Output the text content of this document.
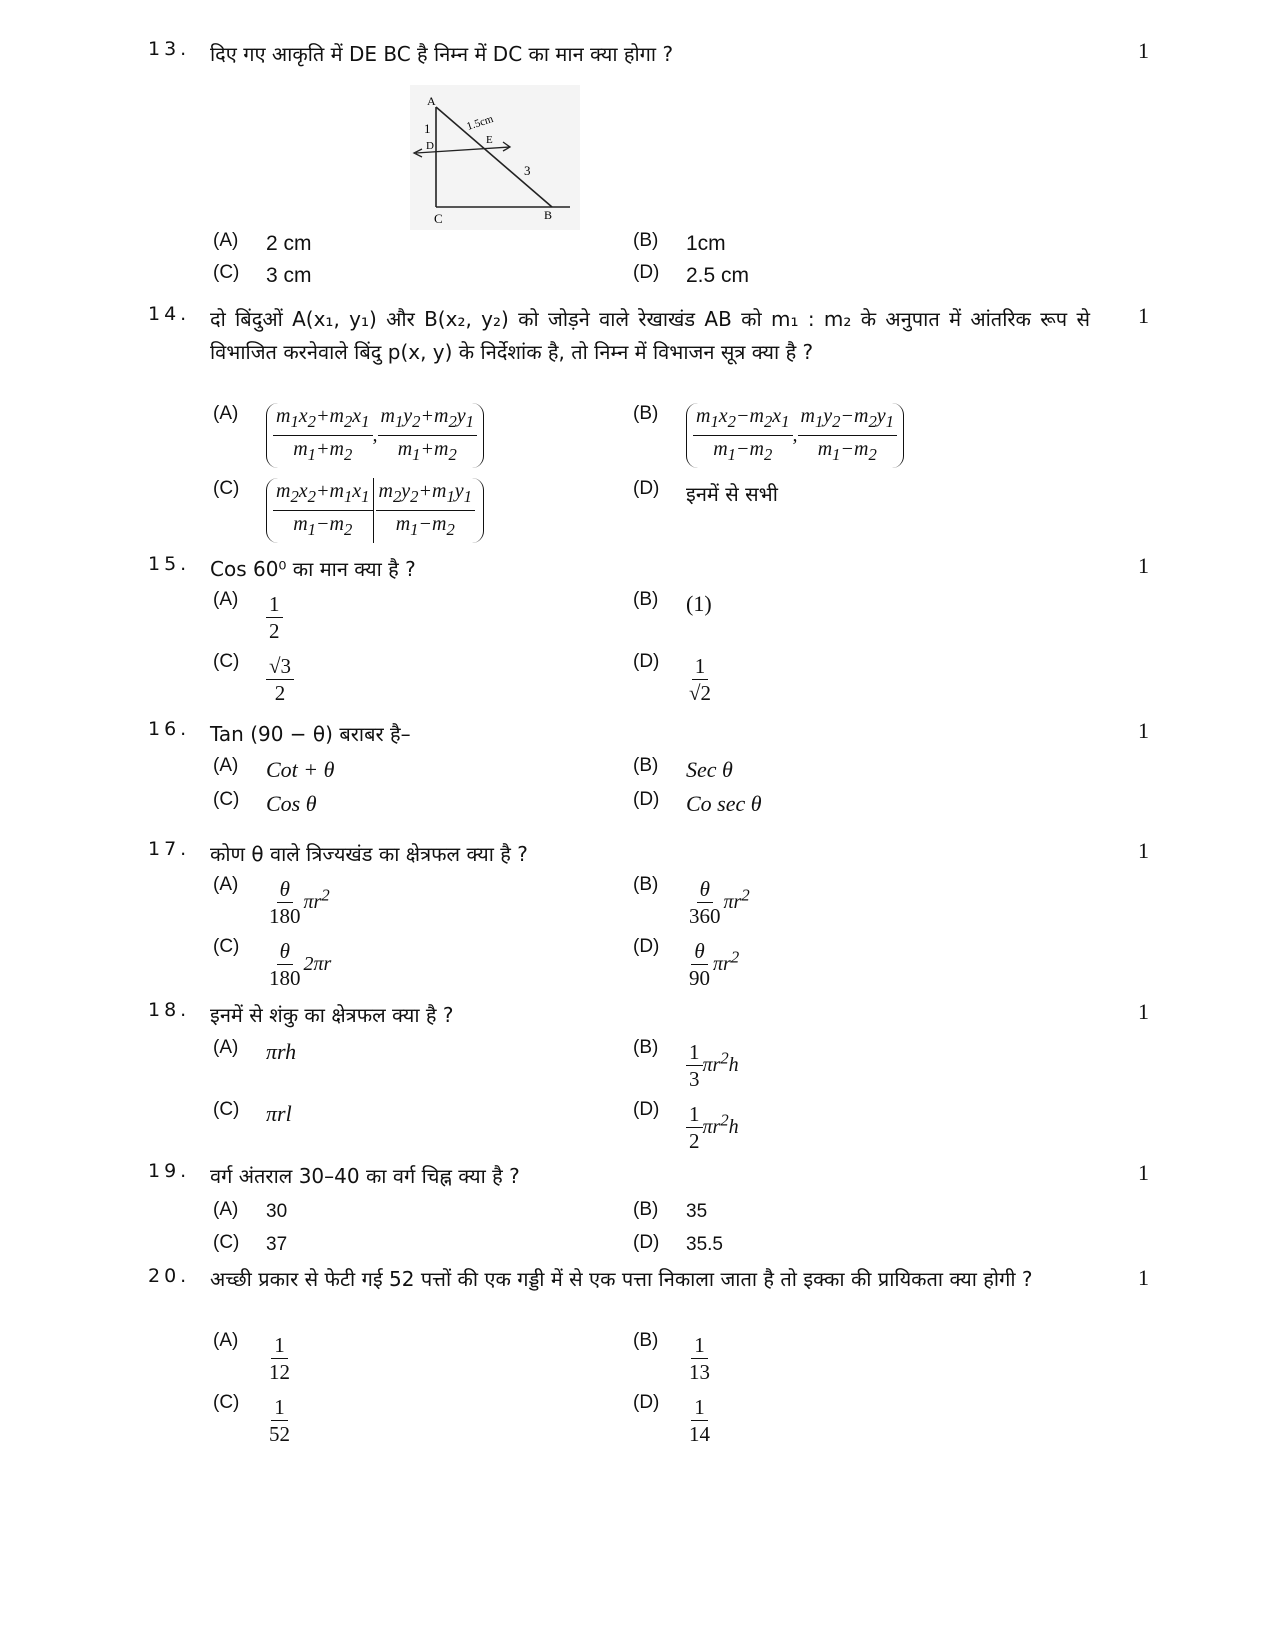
13. दिए गए आकृति में DE BC है निम्न में DC का मान क्या होगा ?	1
(A) 2 cm	(B) 1cm
(C) 3 cm	(D) 2.5 cm
A
1	1.5cm
E
D
3
C	B
14. दो बिंदुओं A(x₁, y₁) और B(x₂, y₂) को जोड़ने वाले रेखाखंड AB को m₁ : m₂ के अनुपात में आंतरिक रूप से विभाजित करनेवाले बिंदु p(x, y) के निर्देशांक है, तो निम्न में विभाजन सूत्र क्या है ?
1
$(A) \frac{m_1x_2+m_2x_1}{m_1+m_2}$ , $\frac{m_1y_2+m_2y_1}{m_1+m_2}$	$(B) \frac{m_1x_2-m_2x_1}{m_1-m_2}$ , $\frac{m_1y_2-m_2y_1}{m_1-m_2}$
$(C) \frac{m_2x_2+m_1x_1}{m_1-m_2} \frac{m_2y_2+m_1y_1}{m_1-m_2}$	(D) इनमें से सभी
15. Cos 60⁰ का मान क्या है ?	1
$(A) \frac{1}{2}$	(B) (1)
$(C) \frac{√3}{2}$	$(D) \frac{1}{√2}$
16. Tan (90 − θ) बराबर है–	1
(A) Cot + θ	(B) Sec θ
(C) Cos θ	(D) Co sec θ
17. कोण θ वाले त्रिज्यखंड का क्षेत्रफल क्या है ?	1
$(A) \frac{\theta}{180} \pi r^2$	$(B) \frac{\theta}{360} \pi r^2$
$(C) \frac{\theta}{180} 2\pi r$
$(D) \frac{\theta}{90} \pi r^2$
18. इनमें से शंकु का क्षेत्रफल क्या है ?	1
(A) πrh	$(B) \frac{1}{3} \pi r^2h$
(C) πrl	$(D) \frac{1}{2} \pi r^2h$
19. वर्ग अंतराल 30–40 का वर्ग चिह्न क्या है ?	1
(A) 30	(B) 35
(C) 37	(D) 35.5
20. अच्छी प्रकार से फेटी गई 52 पत्तों की एक गड्डी में से एक पत्ता निकाला जाता है तो इक्का की प्रायिकता क्या होगी ?	1
$(A) \frac{1}{12}$	$(B) \frac{1}{13}$
$(C) \frac{1}{52}$	$(D) \frac{1}{14}$
